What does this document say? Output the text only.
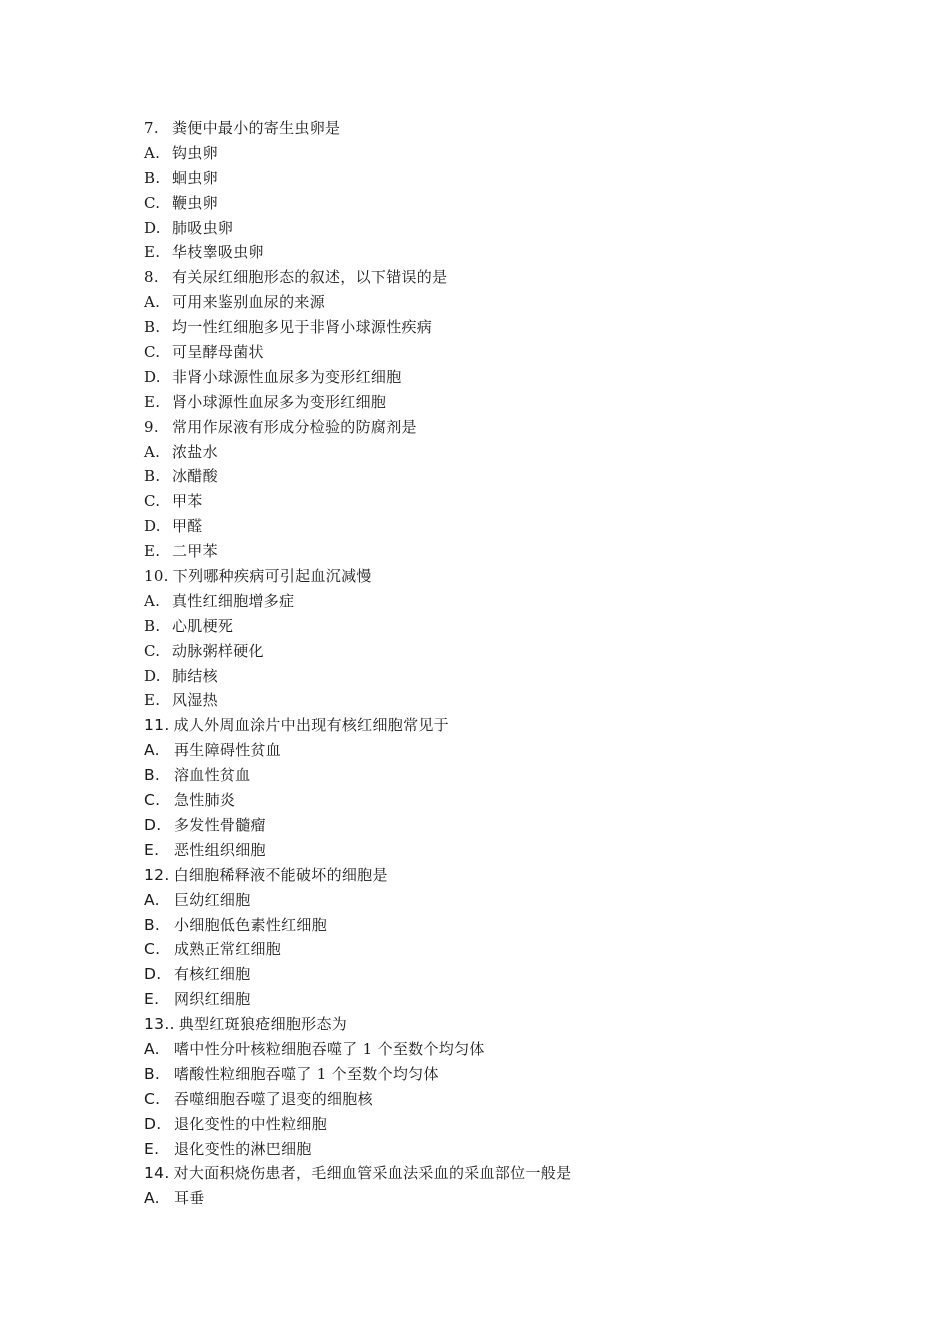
7. 粪便中最小的寄生虫卵是
A. 钩虫卵
B. 蛔虫卵
C. 鞭虫卵
D. 肺吸虫卵
E. 华枝睾吸虫卵
8. 有关尿红细胞形态的叙述，以下错误的是
A. 可用来鉴别血尿的来源
B. 均一性红细胞多见于非肾小球源性疾病
C. 可呈酵母菌状
D. 非肾小球源性血尿多为变形红细胞
E. 肾小球源性血尿多为变形红细胞
9. 常用作尿液有形成分检验的防腐剂是
A. 浓盐水
B. 冰醋酸
C. 甲苯
D. 甲醛
E. 二甲苯
10. 下列哪种疾病可引起血沉减慢
A. 真性红细胞增多症
B. 心肌梗死
C. 动脉粥样硬化
D. 肺结核
E. 风湿热
11. 成人外周血涂片中出现有核红细胞常见于
A. 再生障碍性贫血
B. 溶血性贫血
C. 急性肺炎
D. 多发性骨髓瘤
E. 恶性组织细胞
12. 白细胞稀释液不能破坏的细胞是
A. 巨幼红细胞
B. 小细胞低色素性红细胞
C. 成熟正常红细胞
D. 有核红细胞
E. 网织红细胞
13.. 典型红斑狼疮细胞形态为
A. 嗜中性分叶核粒细胞吞噬了 1 个至数个均匀体
B. 嗜酸性粒细胞吞噬了 1 个至数个均匀体
C. 吞噬细胞吞噬了退变的细胞核
D. 退化变性的中性粒细胞
E. 退化变性的淋巴细胞
14. 对大面积烧伤患者，毛细血管采血法采血的采血部位一般是
A. 耳垂
